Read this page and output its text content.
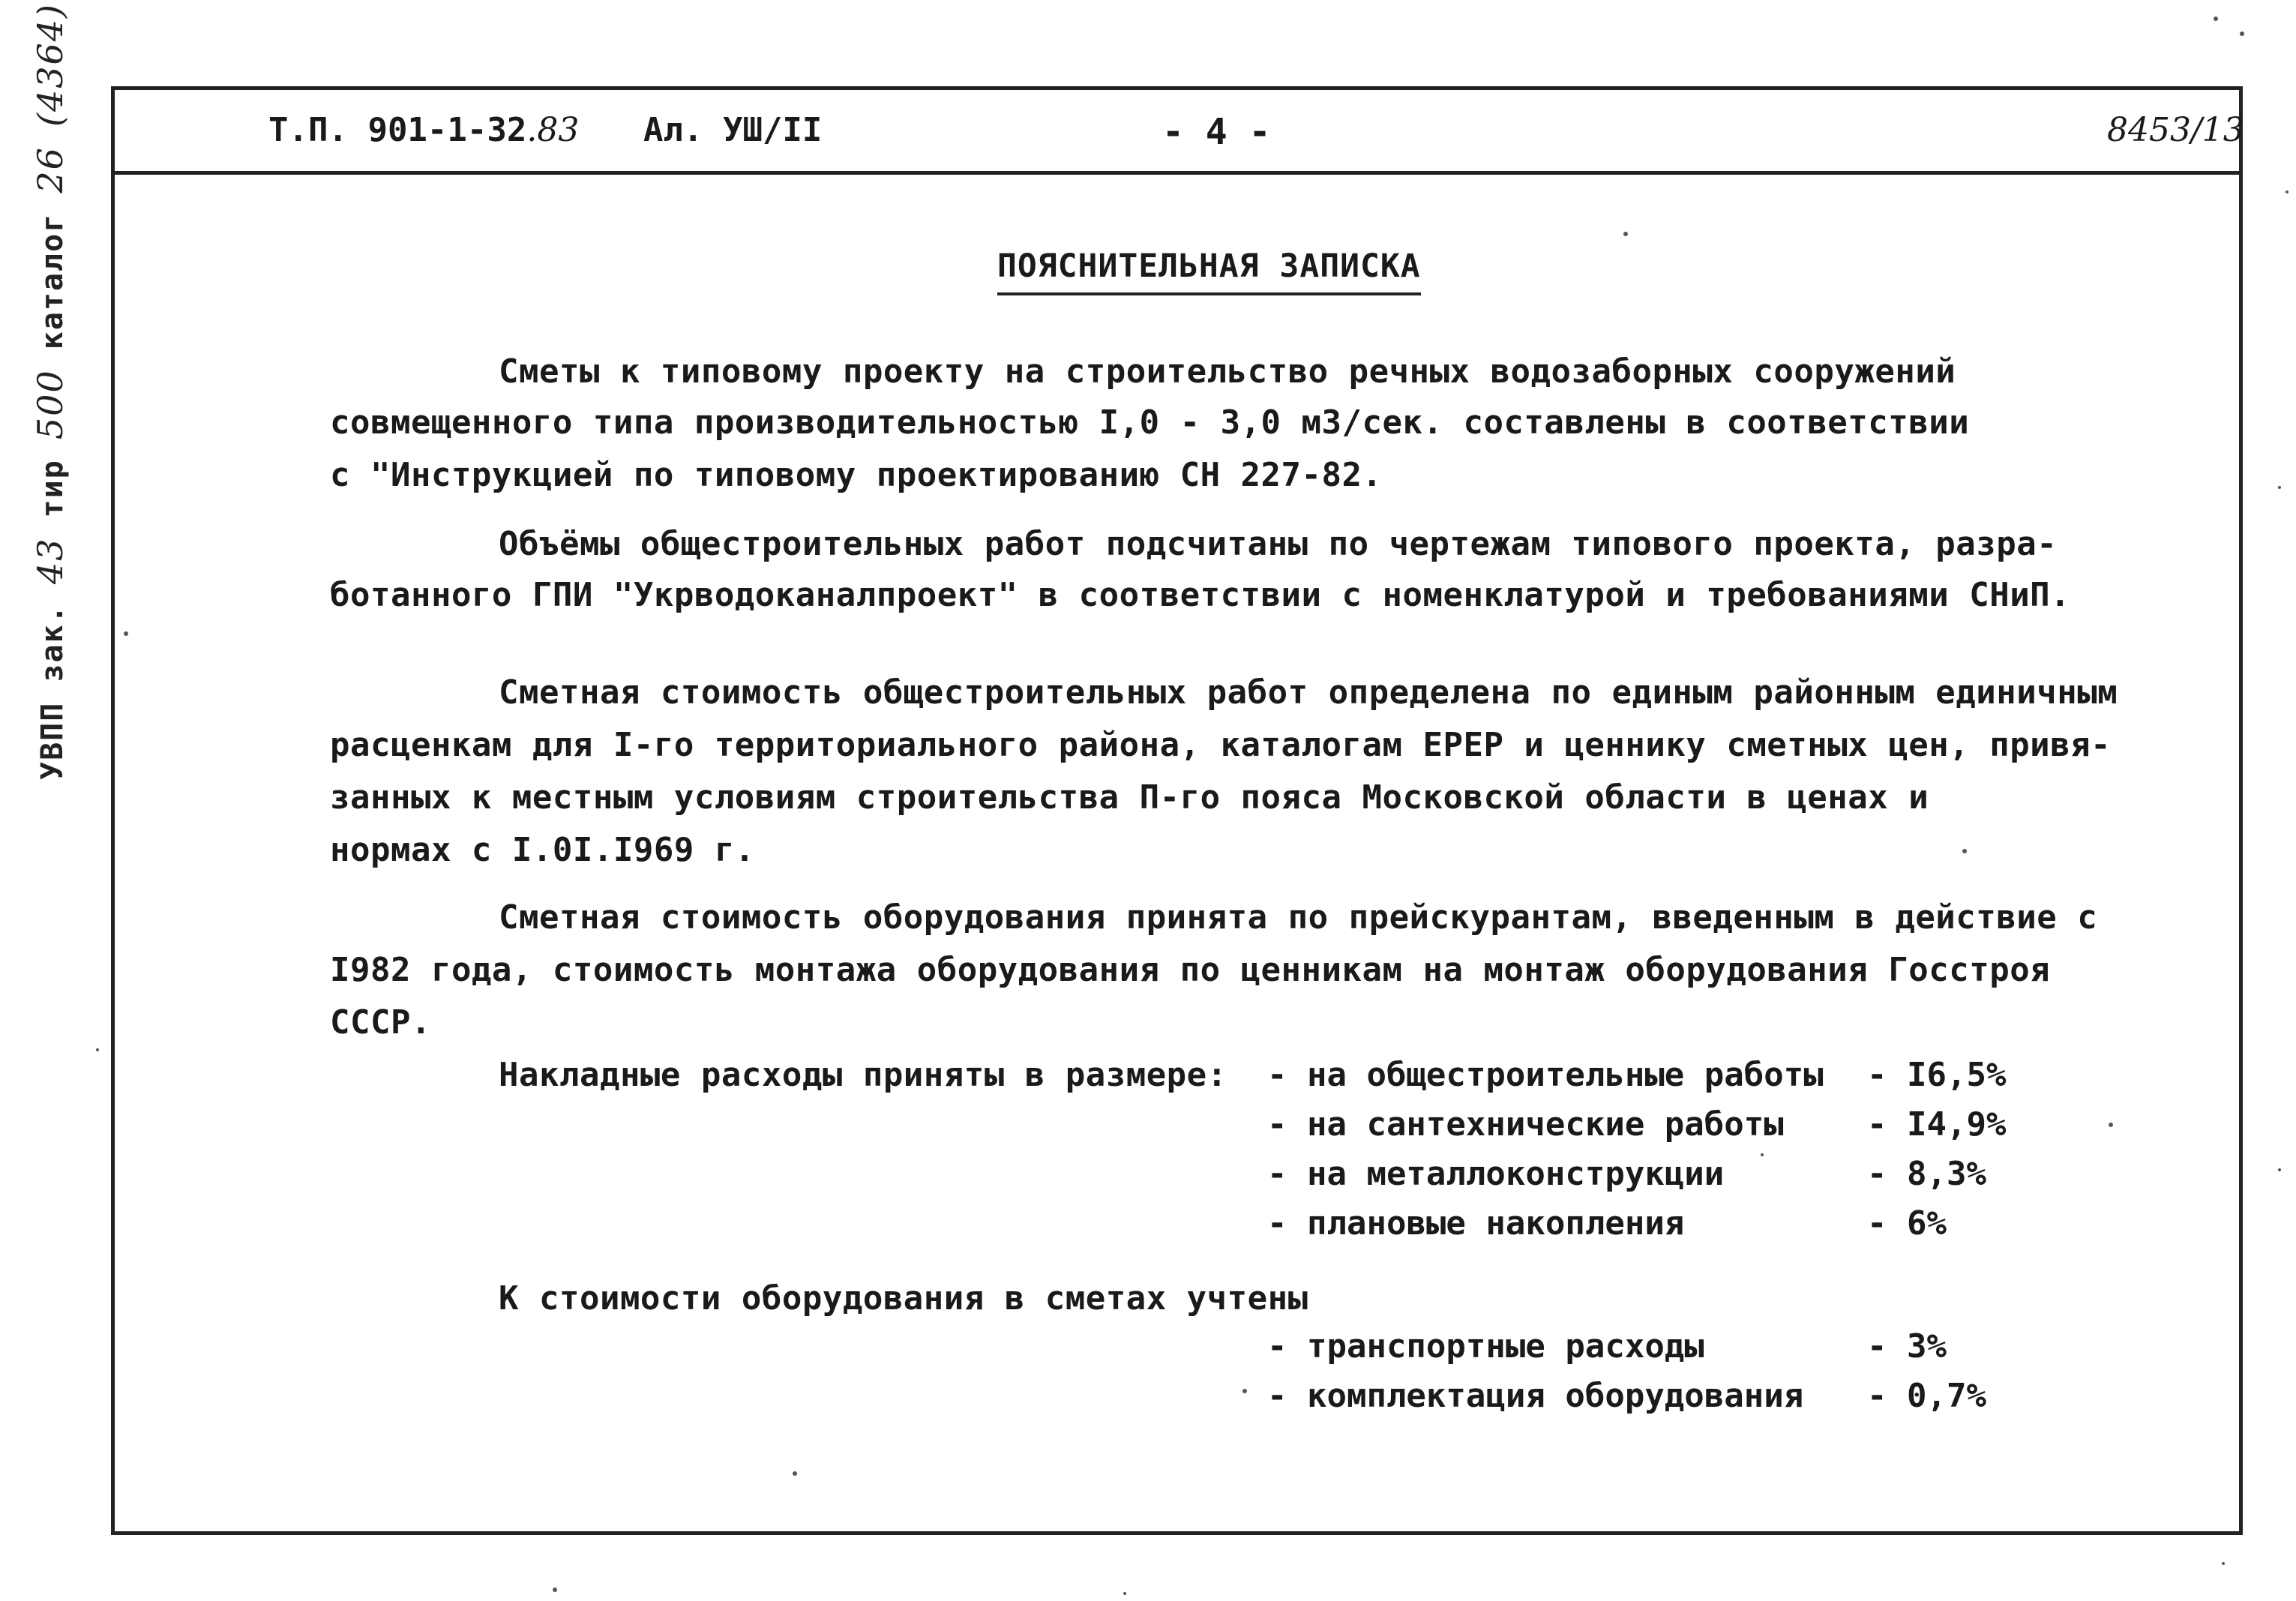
УВПП зак. 43 тир 500 каталог 26 (4364)
Т.П. 901-1-32.83 Ал. УШ/II	- 4 -	8453/13
ПОЯСНИТЕЛЬНАЯ ЗАПИСКА
Сметы к типовому проекту на строительство речных водозаборных сооружений
совмещенного типа производительностью I,0 - 3,0 м3/сек. составлены в соответствии
с "Инструкцией по типовому проектированию СН 227-82.
Объёмы общестроительных работ подсчитаны по чертежам типового проекта, разра-
ботанного ГПИ "Укрводоканалпроект" в соответствии с номенклатурой и требованиями СНиП.
Сметная стоимость общестроительных работ определена по единым районным единичным
расценкам для I-го территориального района, каталогам ЕРЕР и ценнику сметных цен, привя-
занных к местным условиям строительства П-го пояса Московской области в ценах и
нормах с I.0I.I969 г.
Сметная стоимость оборудования принята по прейскурантам, введенным в действие с
I982 года, стоимость монтажа оборудования по ценникам на монтаж оборудования Госстроя
СССР.
Накладные расходы приняты в размере: - на общестроительные работы - I6,5%
- на сантехнические работы	- I4,9%
- на металлоконструкции	- 8,3%
- плановые накопления	- 6%
К стоимости оборудования в сметах учтены
- транспортные расходы	- 3%
- комплектация оборудования - 0,7%
